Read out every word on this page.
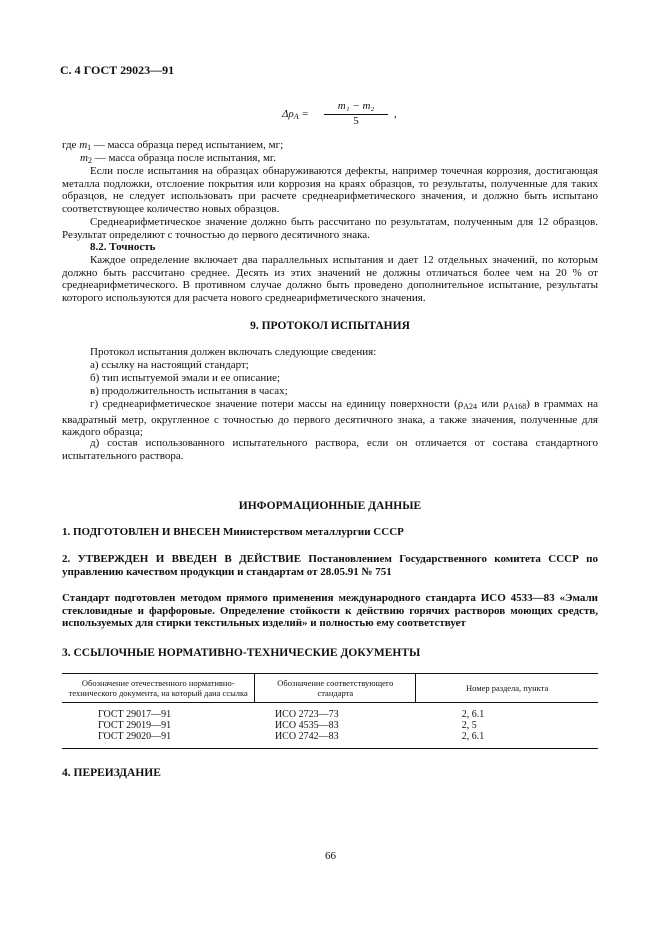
С. 4 ГОСТ 29023—91
$\Delta\rho_A$ =
m₁ − m₂
5
,
где $m_1$ — масса образца перед испытанием, мг;
$m_2$ — масса образца после испытания, мг.
Если после испытания на образцах обнаруживаются дефекты, например точечная коррозия, достигающая металла подложки, отслоение покрытия или коррозия на краях образцов, то результаты, полученные для таких образцов, не следует использовать при расчете среднеарифметического значения, и должно быть испытано соответствующее количество новых образцов.
Среднеарифметическое значение должно быть рассчитано по результатам, полученным для 12 образцов. Результат определяют с точностью до первого десятичного знака.
8.2. Точность
Каждое определение включает два параллельных испытания и дает 12 отдельных значений, по которым должно быть рассчитано среднее. Десять из этих значений не должны отличаться более чем на 20 % от среднеарифметического. В противном случае должно быть проведено дополнительное испытание, результаты которого используются для расчета нового среднеарифметического значения.
9. ПРОТОКОЛ ИСПЫТАНИЯ
Протокол испытания должен включать следующие сведения:
а) ссылку на настоящий стандарт;
б) тип испытуемой эмали и ее описание;
в) продолжительность испытания в часах;
г) среднеарифметическое значение потери массы на единицу поверхности ($\rho_{A24}$ или $\rho_{A168}$) в граммах на квадратный метр, округленное с точностью до первого десятичного знака, а также значения, полученные для каждого образца;
д) состав использованного испытательного раствора, если он отличается от состава стандартного испытательного раствора.
ИНФОРМАЦИОННЫЕ ДАННЫЕ
1. ПОДГОТОВЛЕН И ВНЕСЕН Министерством металлургии СССР
2. УТВЕРЖДЕН И ВВЕДЕН В ДЕЙСТВИЕ Постановлением Государственного комитета СССР по управлению качеством продукции и стандартам от 28.05.91 № 751
Стандарт подготовлен методом прямого применения международного стандарта ИСО 4533—83 «Эмали стекловидные и фарфоровые. Определение стойкости к действию горячих растворов моющих средств, используемых для стирки текстильных изделий» и полностью ему соответствует
3. ССЫЛОЧНЫЕ НОРМАТИВНО-ТЕХНИЧЕСКИЕ ДОКУМЕНТЫ
Обозначение отечественного нормативно-технического документа, на который дана ссылка	Обозначение соответствующего стандарта	Номер раздела, пункта
ГОСТ 29017—91	ИСО 2723—73	2, 6.1
ГОСТ 29019—91	ИСО 4535—83	2, 5
ГОСТ 29020—91	ИСО 2742—83	2, 6.1
4. ПЕРЕИЗДАНИЕ
66
